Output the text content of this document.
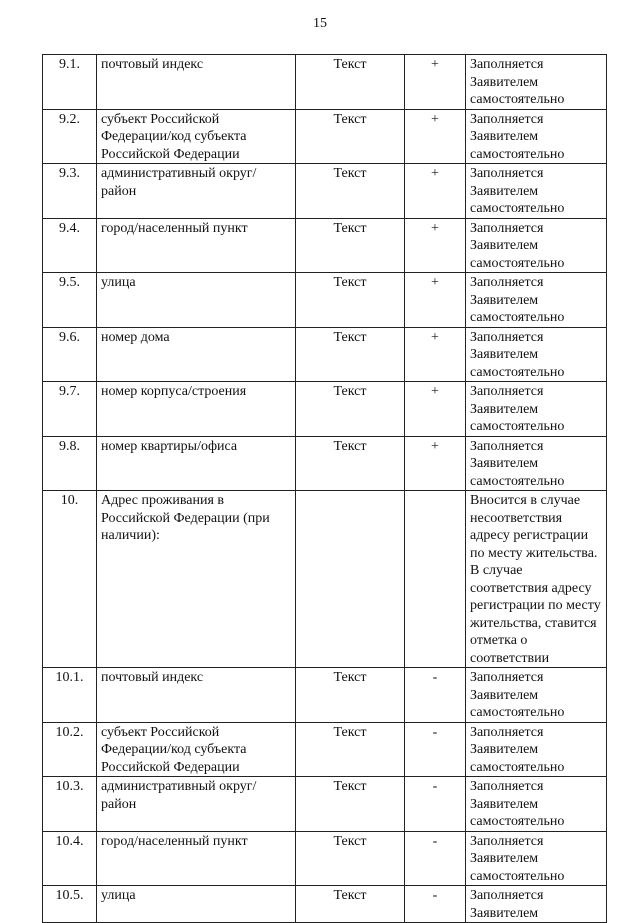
15
9.1.	почтовый индекс	Текст	+	Заполняется Заявителем самостоятельно
9.2.	субъект Российской Федерации/код субъекта Российской Федерации	Текст	+	Заполняется Заявителем самостоятельно
9.3.	административный округ/ район	Текст	+	Заполняется Заявителем самостоятельно
9.4.	город/населенный пункт	Текст	+	Заполняется Заявителем самостоятельно
9.5.	улица	Текст	+	Заполняется Заявителем самостоятельно
9.6.	номер дома	Текст	+	Заполняется Заявителем самостоятельно
9.7.	номер корпуса/строения	Текст	+	Заполняется Заявителем самостоятельно
9.8.	номер квартиры/офиса	Текст	+	Заполняется Заявителем самостоятельно
10.	Адрес проживания в Российской Федерации (при наличии):			Вносится в случае несоответствия адресу регистрации по месту жительства. В случае соответствия адресу регистрации по месту жительства, ставится отметка о соответствии
10.1.	почтовый индекс	Текст	-	Заполняется Заявителем самостоятельно
10.2.	субъект Российской Федерации/код субъекта Российской Федерации	Текст	-	Заполняется Заявителем самостоятельно
10.3.	административный округ/ район	Текст	-	Заполняется Заявителем самостоятельно
10.4.	город/населенный пункт	Текст	-	Заполняется Заявителем самостоятельно
10.5.	улица	Текст	-	Заполняется Заявителем
